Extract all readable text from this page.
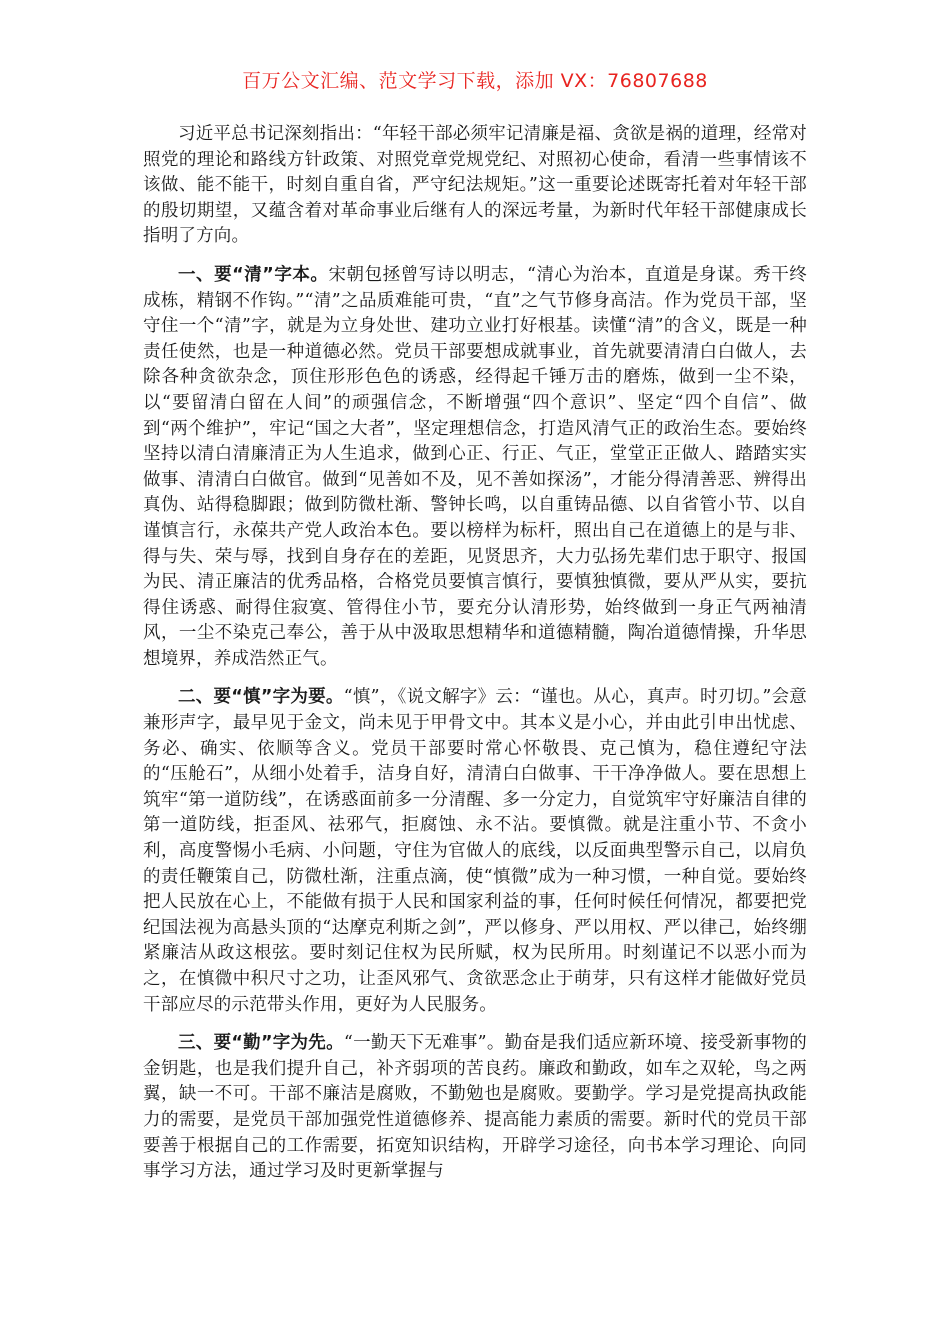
百万公文汇编、范文学习下载，添加 VX：76807688

习近平总书记深刻指出：“年轻干部必须牢记清廉是福、贪欲是祸的道理，经常对照党的理论和路线方针政策、对照党章党规党纪、对照初心使命，看清一些事情该不该做、能不能干，时刻自重自省，严守纪法规矩。”这一重要论述既寄托着对年轻干部的殷切期望，又蕴含着对革命事业后继有人的深远考量，为新时代年轻干部健康成长指明了方向。

一、要“清”字本。宋朝包拯曾写诗以明志，“清心为治本，直道是身谋。秀干终成栋，精钢不作钩。”“清”之品质难能可贵，“直”之气节修身高洁。作为党员干部，坚守住一个“清”字，就是为立身处世、建功立业打好根基。读懂“清”的含义，既是一种责任使然，也是一种道德必然。党员干部要想成就事业，首先就要清清白白做人，去除各种贪欲杂念，顶住形形色色的诱惑，经得起千锤万击的磨炼，做到一尘不染，以“要留清白留在人间”的顽强信念，不断增强“四个意识”、坚定“四个自信”、做到“两个维护”，牢记“国之大者”，坚定理想信念，打造风清气正的政治生态。要始终坚持以清白清廉清正为人生追求，做到心正、行正、气正，堂堂正正做人、踏踏实实做事、清清白白做官。做到“见善如不及，见不善如探汤”，才能分得清善恶、辨得出真伪、站得稳脚跟；做到防微杜渐、警钟长鸣，以自重铸品德、以自省管小节、以自谨慎言行，永葆共产党人政治本色。要以榜样为标杆，照出自己在道德上的是与非、得与失、荣与辱，找到自身存在的差距，见贤思齐，大力弘扬先辈们忠于职守、报国为民、清正廉洁的优秀品格，合格党员要慎言慎行，要慎独慎微，要从严从实，要抗得住诱惑、耐得住寂寞、管得住小节，要充分认清形势，始终做到一身正气两袖清风，一尘不染克己奉公，善于从中汲取思想精华和道德精髓，陶冶道德情操，升华思想境界，养成浩然正气。

二、要“慎”字为要。“慎”，《说文解字》云：“谨也。从心，真声。时刃切。”会意兼形声字，最早见于金文，尚未见于甲骨文中。其本义是小心，并由此引申出忧虑、务必、确实、依顺等含义。党员干部要时常心怀敬畏、克己慎为，稳住遵纪守法的“压舱石”，从细小处着手，洁身自好，清清白白做事、干干净净做人。要在思想上筑牢“第一道防线”，在诱惑面前多一分清醒、多一分定力，自觉筑牢守好廉洁自律的第一道防线，拒歪风、祛邪气，拒腐蚀、永不沾。要慎微。就是注重小节、不贪小利，高度警惕小毛病、小问题，守住为官做人的底线，以反面典型警示自己，以肩负的责任鞭策自己，防微杜渐，注重点滴，使“慎微”成为一种习惯，一种自觉。要始终把人民放在心上，不能做有损于人民和国家利益的事，任何时候任何情况，都要把党纪国法视为高悬头顶的“达摩克利斯之剑”，严以修身、严以用权、严以律己，始终绷紧廉洁从政这根弦。要时刻记住权为民所赋，权为民所用。时刻谨记不以恶小而为之，在慎微中积尺寸之功，让歪风邪气、贪欲恶念止于萌芽，只有这样才能做好党员干部应尽的示范带头作用，更好为人民服务。

三、要“勤”字为先。“一勤天下无难事”。勤奋是我们适应新环境、接受新事物的金钥匙，也是我们提升自己，补齐弱项的苦良药。廉政和勤政，如车之双轮，鸟之两翼，缺一不可。干部不廉洁是腐败，不勤勉也是腐败。要勤学。学习是党提高执政能力的需要，是党员干部加强党性道德修养、提高能力素质的需要。新时代的党员干部要善于根据自己的工作需要，拓宽知识结构，开辟学习途径，向书本学习理论、向同事学习方法，通过学习及时更新掌握与
